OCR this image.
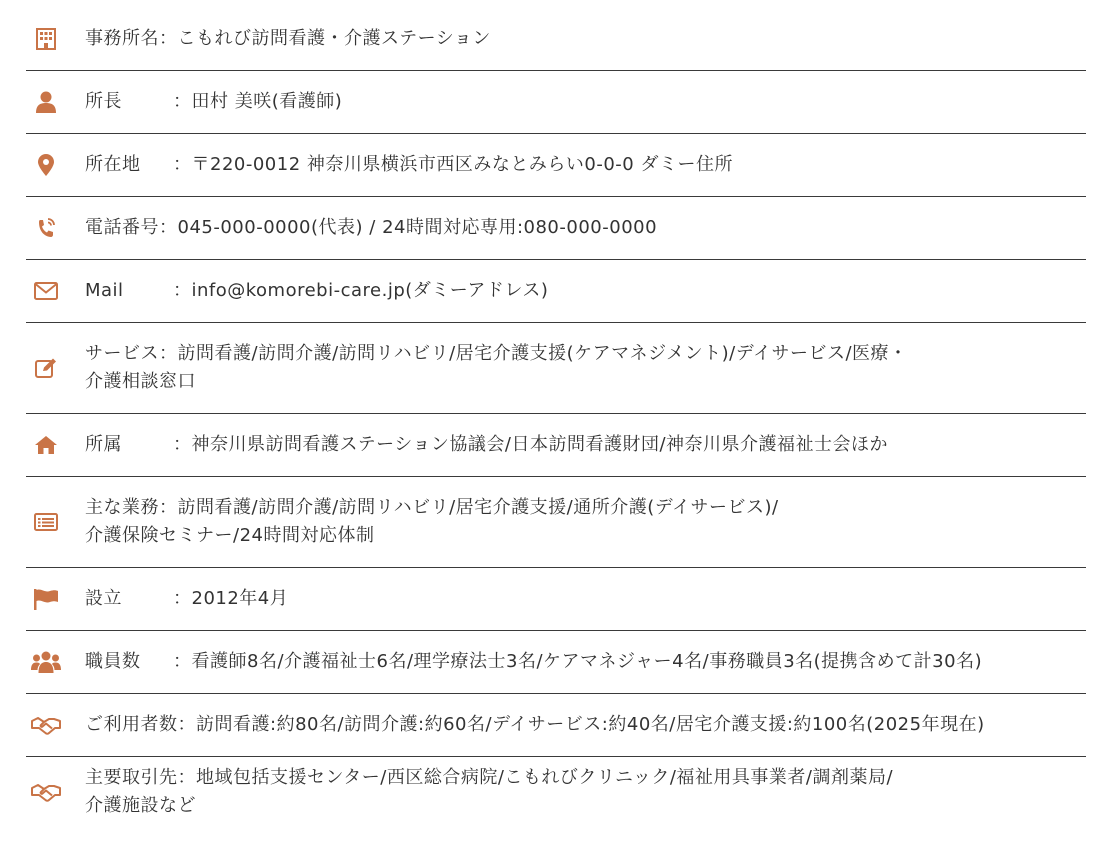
事務所名：こもれび訪問看護・介護ステーション
所長	：田村 美咲(看護師)
所在地 ：〒220-0012 神奈川県横浜市西区みなとみらい0-0-0 ダミー住所
電話番号：045-000-0000(代表) / 24時間対応専用:080-000-0000
Mail	：info@komorebi-care.jp(ダミーアドレス)
サービス：訪問看護/訪問介護/訪問リハビリ/居宅介護支援(ケアマネジメント)/デイサービス/医療・
介護相談窓口
所属	：神奈川県訪問看護ステーション協議会/日本訪問看護財団/神奈川県介護福祉士会ほか
主な業務：訪問看護/訪問介護/訪問リハビリ/居宅介護支援/通所介護(デイサービス)/
介護保険セミナー/24時間対応体制
設立	：2012年4月
職員数 ：看護師8名/介護福祉士6名/理学療法士3名/ケアマネジャー4名/事務職員3名(提携含めて計30名)
ご利用者数：訪問看護:約80名/訪問介護:約60名/デイサービス:約40名/居宅介護支援:約100名(2025年現在)
主要取引先：地域包括支援センター/西区総合病院/こもれびクリニック/福祉用具事業者/調剤薬局/
介護施設など
